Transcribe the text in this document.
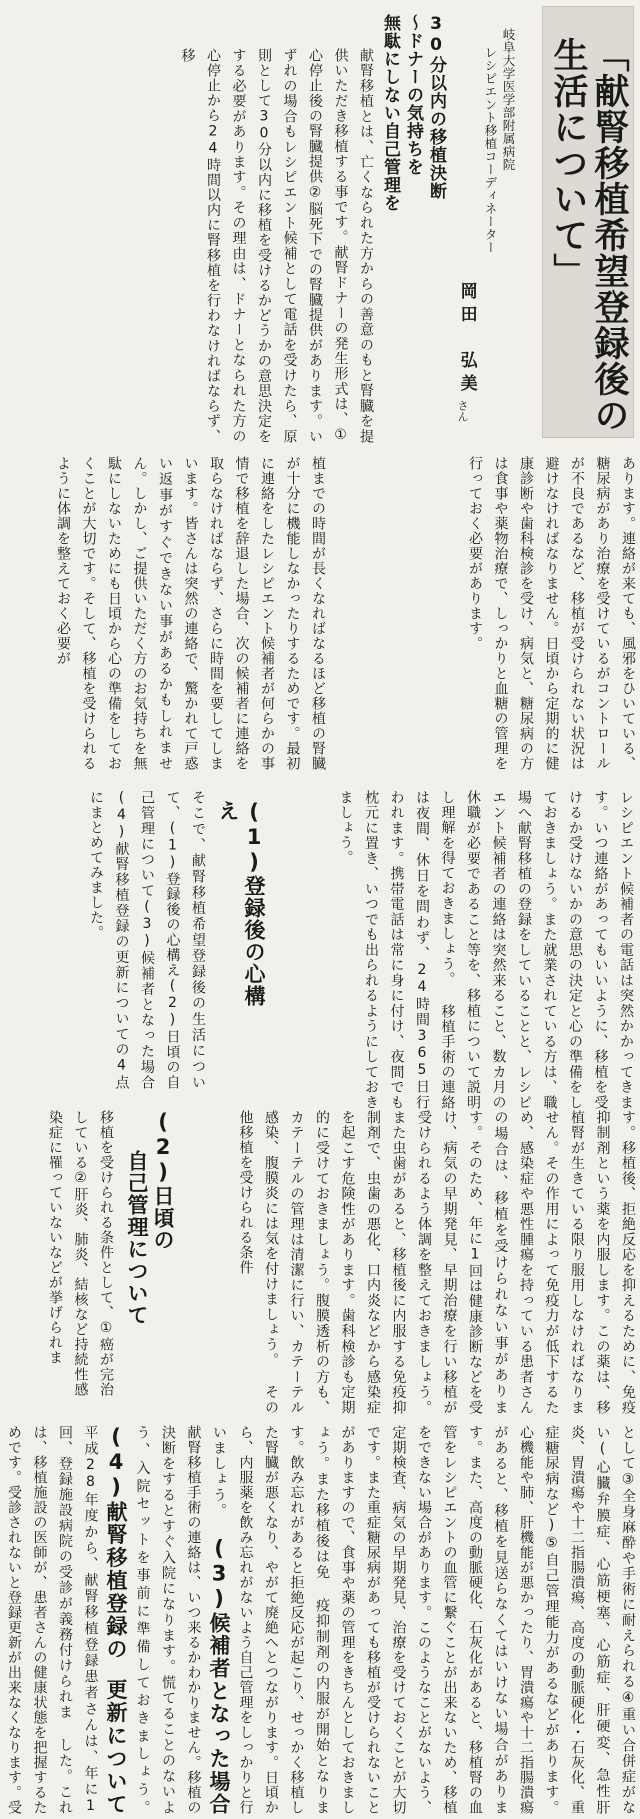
「献腎移植希望登録後の生活について」
岐阜大学医学部附属病院
レシピエント移植コーディネーター
岡田　弘美
さん
30分以内の移植決断
～ドナーの気持ちを
無駄にしない自己管理を
献腎移植とは、亡くなられた方からの善意のもと腎臓を提供いただき移植する事です。献腎ドナーの発生形式は、①心停止後の腎臓提供②脳死下での腎臓提供があります。いずれの場合もレシピエント候補として電話を受けたら、原則として30分以内に移植を受けるかどうかの意思決定をする必要があります。その理由は、ドナーとなられた方の心停止から24時間以内に腎移植を行わなければならず、移
植までの時間が長くなればなるほど移植の腎臓が十分に機能しなかったりするためです。最初に連絡をしたレシピエント候補者が何らかの事情で移植を辞退した場合、次の候補者に連絡を取らなければならず、さらに時間を要してしまいます。皆さんは突然の連絡で、驚かれて戸惑い返事がすぐできない事があるかもしれません。しかし、ご提供いただく方のお気持ちを無駄にしないためにも日頃から心の準備をしておくことが大切です。そして、移植を受けられるように体調を整えておく必要が	あります。連絡が来ても、風邪をひいている、糖尿病があり治療を受けているがコントロールが不良であるなど、移植が受けられない状況は避けなければなりません。日頃から定期的に健康診断や歯科検診を受け、病気と、糖尿病の方は食事や薬物治療で、しっかりと血糖の管理を行っておく必要があります。
そこで、献腎移植希望登録後の生活について、(1)登録後の心構え(2)日頃の自己管理について(3)候補者となった場合(4)献腎移植登録の更新についての4点にまとめてみました。	(1)登録後の心構え	レシピエント候補者の電話は突然かかってきます。いつ連絡があってもいいように、移植を受 けるか受けないかの意思の決定と心の準備をしておきましょう。また就業されている方は、職場へ献腎移植の登録をしていることと、レシピエント候補者の連絡は突然来ること、数カ月の休職が必要であること等を、移植について説明し理解を得ておきましょう。 移植手術の連絡は夜間、休日を問わず、24時間365日行われます。携帯電話は常に身に付け、夜間でも枕元に置き、いつでも出られるようにしておきましょう。
(2)日頃の
自己管理について
移植を受けられる条件として、①癌が完治している②肝炎、肺炎、結核など持続性感染症に罹っていないなどが挙げられま	す。移植後、拒絶反応を抑えるために、免疫抑制剤という薬を内服します。この薬は、移植腎が生きている限り服用しなければなりません。その作用によって免疫力が低下するため、感染症や悪性腫瘍を持っている患者さんの場合は、移植を受けられない事があります。そのため、年に1回は健康診断などを受け、病気の早期発見、早期治療を行い移植が受けられるよう体調を整えておきましょう。また虫歯があると、移植後に内服する免疫抑制剤で、虫歯の悪化、口内炎などから感染症を起こす危険性があります。歯科検診も定期的に受けておきましょう。腹膜透析の方も、カテーテルの管理は清潔に行い、カテーテル感染、腹膜炎には気を付けましょう。 その他移植を受けられる条件
として③全身麻酔や手術に耐えられる④重い合併症がない(心臓弁膜症、心筋梗塞、心筋症、肝硬変、急性肝炎、胃潰瘍や十二指腸潰瘍、高度の動脈硬化・石灰化、重症糖尿病など)⑤自己管理能力があるなどがあります。心機能や肺、肝機能が悪かったり、胃潰瘍や十二指腸潰瘍があると、移植を見送らなくてはいけない場合があります。また、高度の動脈硬化、石灰化があると、移植腎の血管をレシピエントの血管に繋ぐことが出来ないため、移植をできない場合があります。このようなことがないよう、定期検査、病気の早期発見、治療を受けておくことが大切です。また重症糖尿病があっても移植が受けられないことがありますので、食事や薬の管理をきちんとしておきましょう。また移植後は免 疫抑制剤の内服が開始となります。飲み忘れがあると拒絶反応が起こり、せっかく移植した腎臓が悪くなり、やがて廃絶へとつながります。日頃から、内服薬を飲み忘れがないよう自己管理をしっかりと行いましょう。 (3)候補者となった場合 献腎移植手術の連絡は、いつ来るかわかりません。移植の決断をするとすぐ入院になります。慌てることのないよう、入院セットを事前に準備しておきましょう。 (4)献腎移植登録の 更新について 平成28年度から、献腎移植登録患者さんは、年に1回、登録施設病院の受診が義務付けられま した。これは、移植施設の医師が、患者さんの健康状態を把握するためです。受診されないと登録更新が出来なくなります。受
